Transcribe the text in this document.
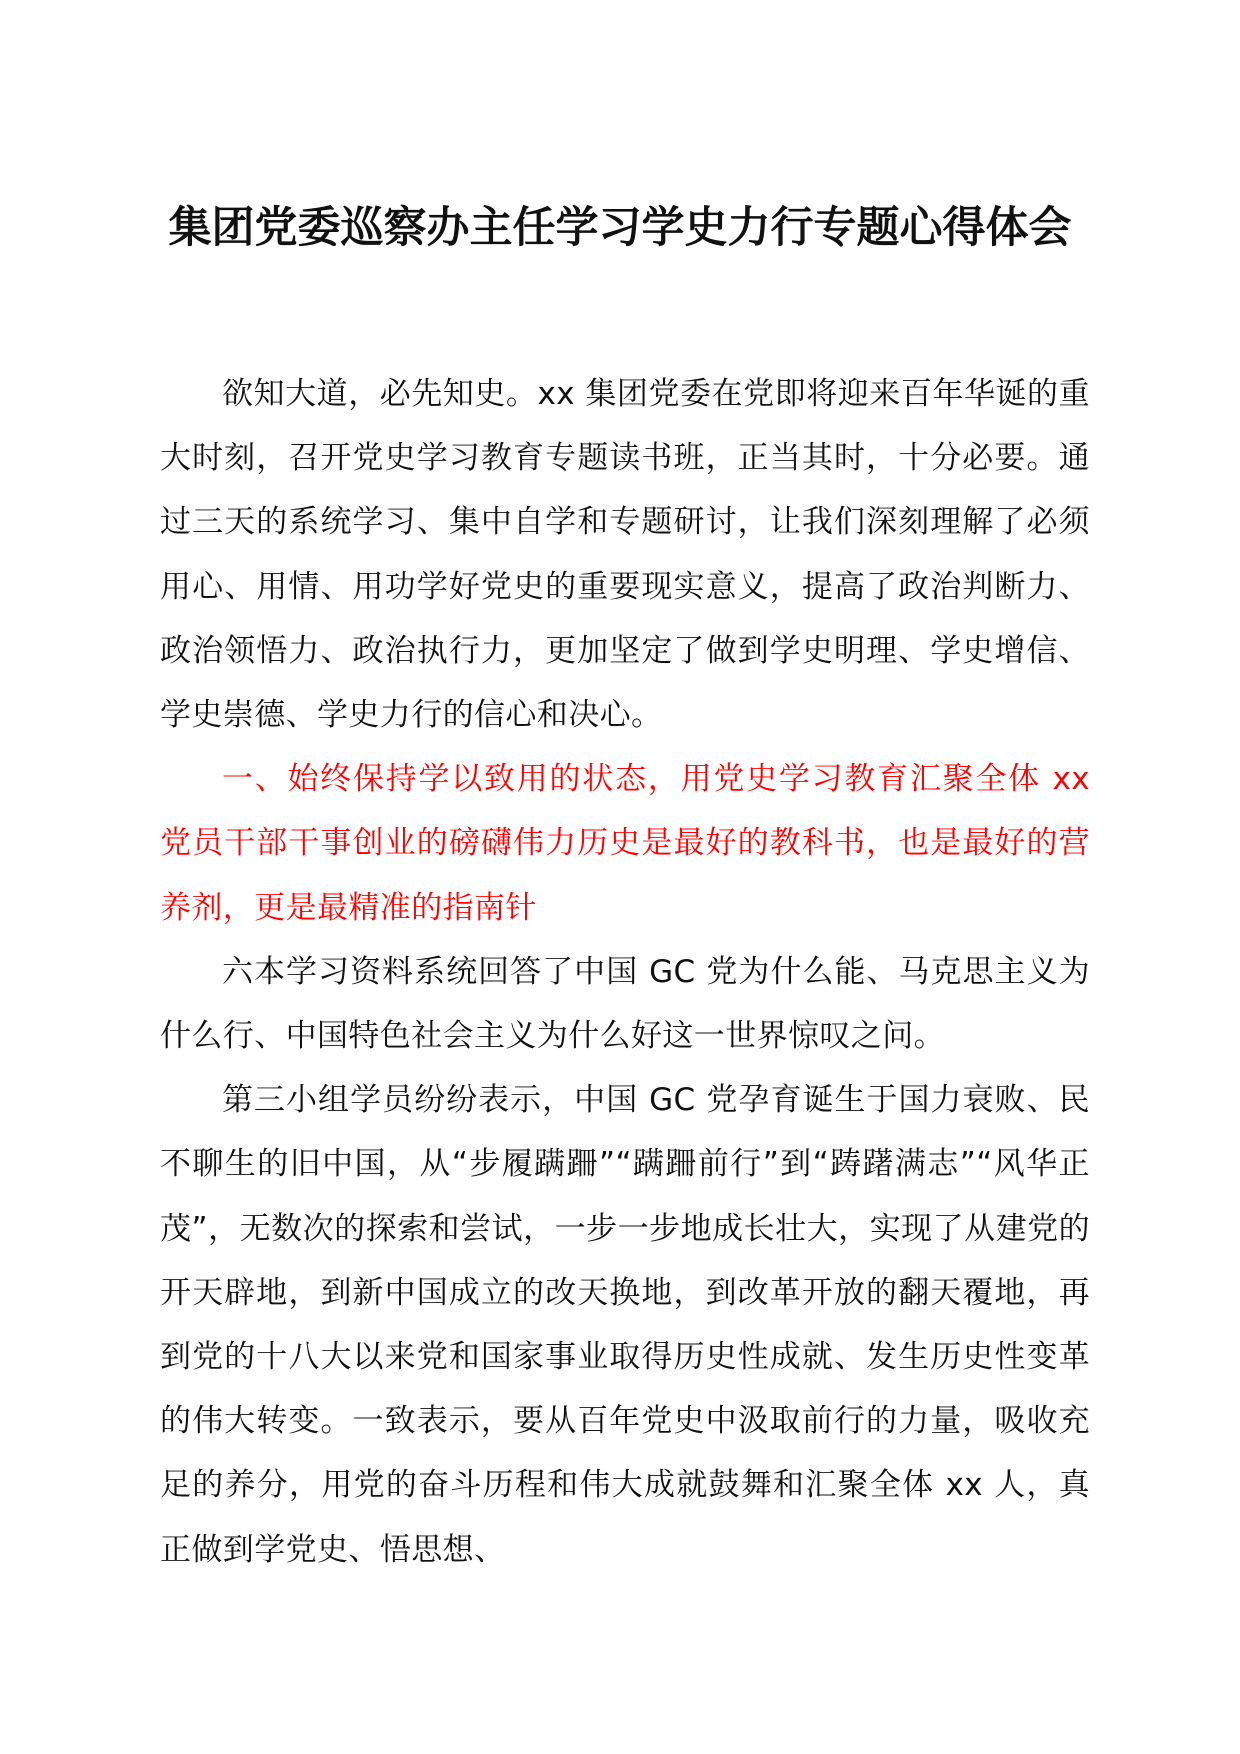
集团党委巡察办主任学习学史力行专题心得体会

欲知大道，必先知史。xx 集团党委在党即将迎来百年华诞的重大时刻，召开党史学习教育专题读书班，正当其时，十分必要。通过三天的系统学习、集中自学和专题研讨，让我们深刻理解了必须用心、用情、用功学好党史的重要现实意义，提高了政治判断力、政治领悟力、政治执行力，更加坚定了做到学史明理、学史增信、学史崇德、学史力行的信心和决心。

一、始终保持学以致用的状态，用党史学习教育汇聚全体 xx 党员干部干事创业的磅礴伟力历史是最好的教科书，也是最好的营养剂，更是最精准的指南针

六本学习资料系统回答了中国 GC 党为什么能、马克思主义为什么行、中国特色社会主义为什么好这一世界惊叹之问。

第三小组学员纷纷表示，中国 GC 党孕育诞生于国力衰败、民不聊生的旧中国，从“步履蹒跚”“蹒跚前行”到“踌躇满志”“风华正茂”，无数次的探索和尝试，一步一步地成长壮大，实现了从建党的开天辟地，到新中国成立的改天换地，到改革开放的翻天覆地，再到党的十八大以来党和国家事业取得历史性成就、发生历史性变革的伟大转变。一致表示，要从百年党史中汲取前行的力量，吸收充足的养分，用党的奋斗历程和伟大成就鼓舞和汇聚全体 xx 人，真正做到学党史、悟思想、
